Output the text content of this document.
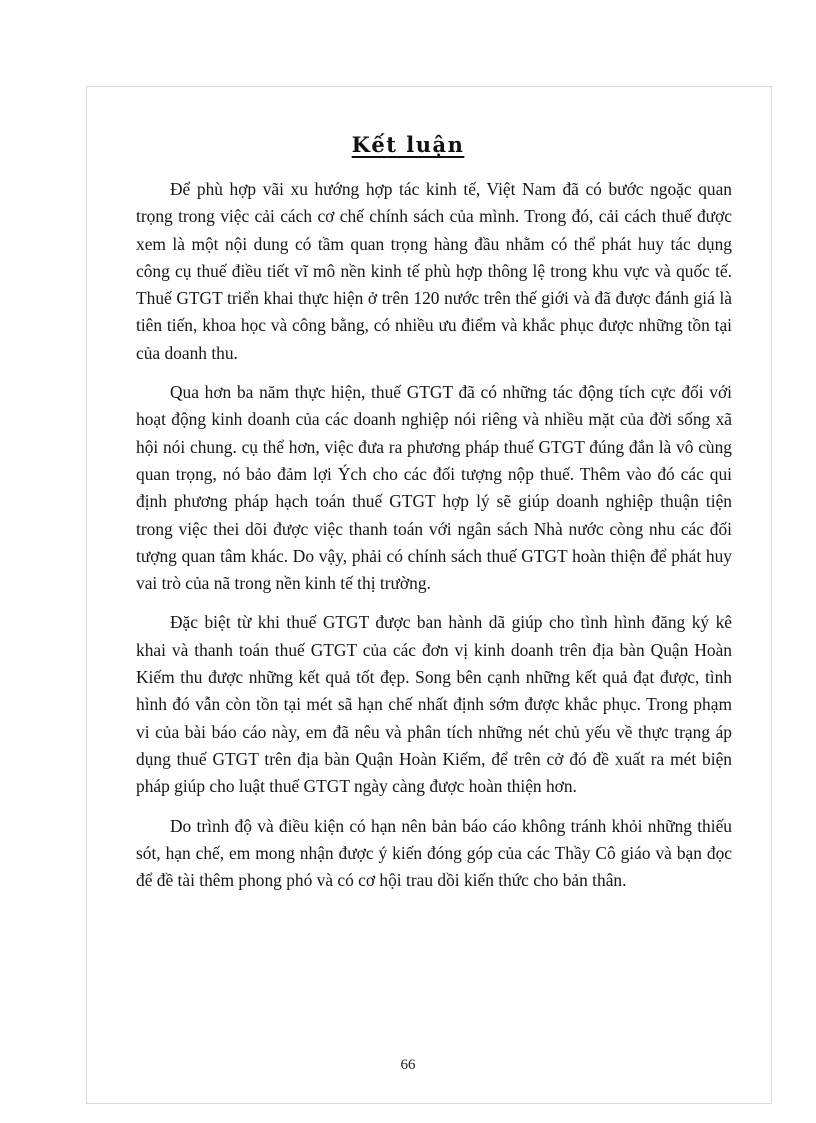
Kết luận

Để phù hợp vãi xu hướng hợp tác kinh tế, Việt Nam đã có bước ngoặc quan trọng trong việc cải cách cơ chế chính sách của mình. Trong đó, cải cách thuế được xem là một nội dung có tầm quan trọng hàng đầu nhằm có thể phát huy tác dụng công cụ thuế điều tiết vĩ mô nền kinh tế phù hợp thông lệ trong khu vực và quốc tế. Thuế GTGT triển khai thực hiện ở trên 120 nước trên thế giới và đã được đánh giá là tiên tiến, khoa học và công bằng, có nhiều ưu điểm và khắc phục được những tồn tại của doanh thu.

Qua hơn ba năm thực hiện, thuế GTGT đã có những tác động tích cực đối với hoạt động kinh doanh của các doanh nghiệp nói riêng và nhiều mặt của đời sống xã hội nói chung. cụ thể hơn, việc đưa ra phương pháp thuế GTGT đúng đắn là vô cùng quan trọng, nó bảo đảm lợi Ých cho các đối tượng nộp thuế. Thêm vào đó các qui định phương pháp hạch toán thuế GTGT hợp lý sẽ giúp doanh nghiệp thuận tiện trong việc thei dõi được việc thanh toán với ngân sách Nhà nước còng nhu các đối tượng quan tâm khác. Do vậy, phải có chính sách thuế GTGT hoàn thiện để phát huy vai trò của nã trong nền kinh tế thị trường.

Đặc biệt từ khi thuế GTGT được ban hành dã giúp cho tình hình đăng ký kê khai và thanh toán thuế GTGT của các đơn vị kinh doanh trên địa bàn Quận Hoàn Kiếm thu được những kết quả tốt đẹp. Song bên cạnh những kết quả đạt được, tình hình đó vẫn còn tồn tại mét sã hạn chế nhất định sớm được khắc phục. Trong phạm vi của bài báo cáo này, em đã nêu và phân tích những nét chủ yếu về thực trạng áp dụng thuế GTGT trên địa bàn Quận Hoàn Kiếm, để trên cở đó đề xuất ra mét biện pháp giúp cho luật thuế GTGT ngày càng được hoàn thiện hơn.

Do trình độ và điều kiện có hạn nên bản báo cáo không tránh khỏi những thiếu sót, hạn chế, em mong nhận được ý kiến đóng góp của các Thầy Cô giáo và bạn đọc để đề tài thêm phong phó và có cơ hội trau dồi kiến thức cho bản thân.

66
